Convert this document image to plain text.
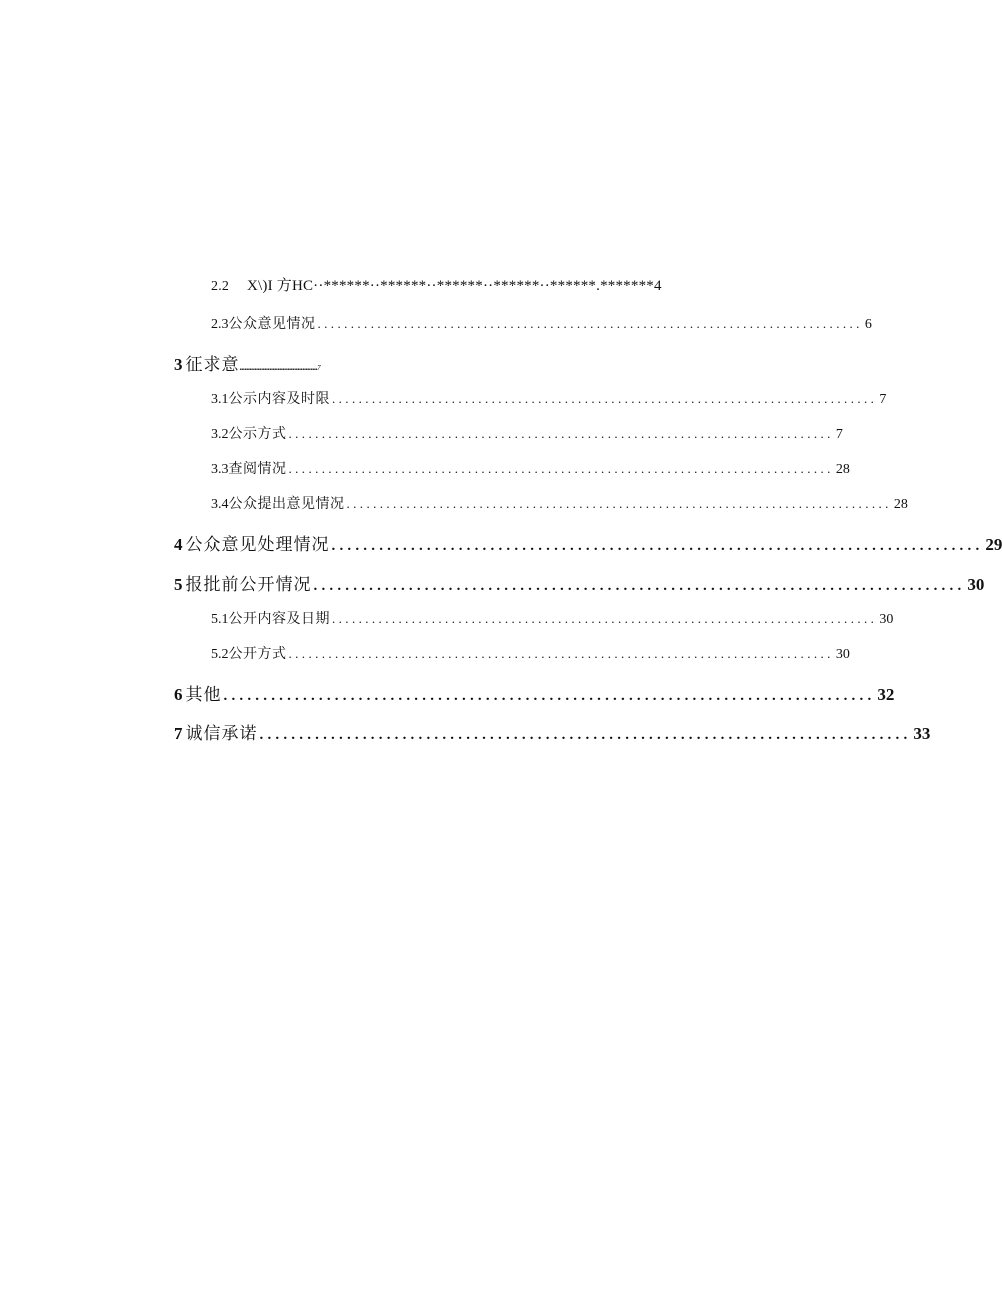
2.2	X\)I 方HC··******··******··******··******··******.*******4
2.3 公众意见情况 .................................................................................. 6
3 征求意 ............................................... 7
3.1 公示内容及时限 .................................................................................. 7
3.2 公示方式 .................................................................................. 7
3.3 查阅情况 .................................................................................. 28
3.4 公众提出意见情况 .................................................................................. 28
4 公众意见处理情况 .................................................................................. 29
5 报批前公开情况 .................................................................................. 30
5.1 公开内容及日期 .................................................................................. 30
5.2 公开方式 .................................................................................. 30
6 其他 .................................................................................. 32
7 诚信承诺 .................................................................................. 33
